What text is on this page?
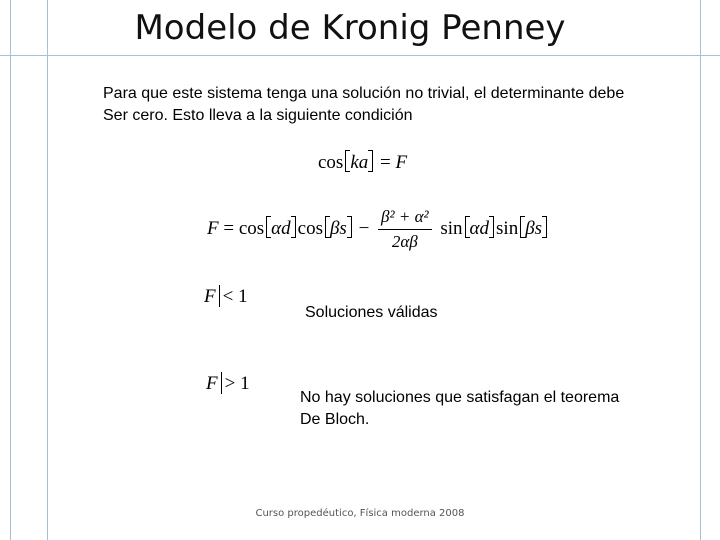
Modelo de Kronig Penney
Para que este sistema tenga una solución no trivial, el determinante debe
Ser cero. Esto lleva a la siguiente condición
cos ka = F
F = cos αd $\cos \beta s - \frac{\text{β² + α²}}{2\alpha\beta}$ sin αd sin βs
F < 1
Soluciones válidas
F > 1
No hay soluciones que satisfagan el teorema
De Bloch.
Curso propedéutico, Física moderna 2008
